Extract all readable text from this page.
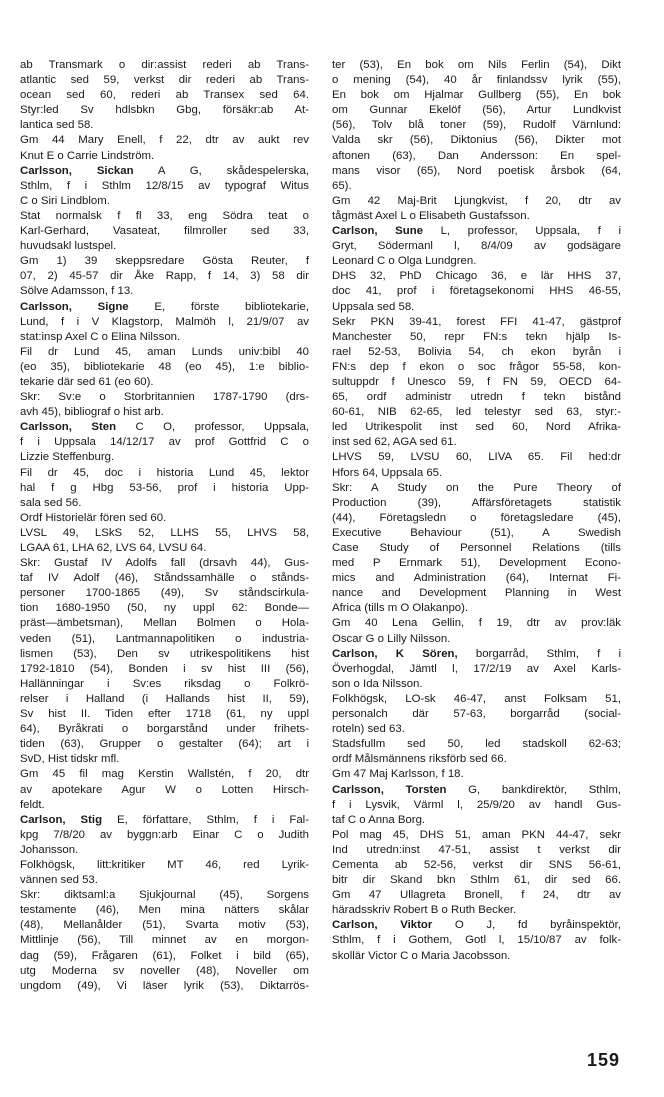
ab Transmark o dir:assist rederi ab Trans-
atlantic sed 59, verkst dir rederi ab Trans-
ocean sed 60, rederi ab Transex sed 64.
Styr:led Sv hdlsbkn Gbg, försäkr:ab At-
lantica sed 58.
Gm 44 Mary Enell, f 22, dtr av aukt rev
Knut E o Carrie Lindström.
Carlsson, Sickan A G, skådespelerska,
Sthlm, f i Sthlm 12/8/15 av typograf Witus
C o Siri Lindblom.
Stat normalsk f fl 33, eng Södra teat o
Karl-Gerhard, Vasateat, filmroller sed 33,
huvudsakl lustspel.
Gm 1) 39 skeppsredare Gösta Reuter, f
07, 2) 45-57 dir Åke Rapp, f 14, 3) 58 dir
Sölve Adamsson, f 13.
Carlsson, Signe E, förste bibliotekarie,
Lund, f i V Klagstorp, Malmöh l, 21/9/07 av
stat:insp Axel C o Elina Nilsson.
Fil dr Lund 45, aman Lunds univ:bibl 40
(eo 35), bibliotekarie 48 (eo 45), 1:e biblio-
tekarie där sed 61 (eo 60).
Skr: Sv:e o Storbritannien 1787-1790 (drs-
avh 45), bibliograf o hist arb.
Carlsson, Sten C O, professor, Uppsala,
f i Uppsala 14/12/17 av prof Gottfrid C o
Lizzie Steffenburg.
Fil dr 45, doc i historia Lund 45, lektor
hal f g Hbg 53-56, prof i historia Upp-
sala sed 56.
Ordf Historielär fören sed 60.
LVSL 49, LSkS 52, LLHS 55, LHVS 58,
LGAA 61, LHA 62, LVS 64, LVSU 64.
Skr: Gustaf IV Adolfs fall (drsavh 44), Gus-
taf IV Adolf (46), Ståndssamhälle o stånds-
personer 1700-1865 (49), Sv ståndscirkula-
tion 1680-1950 (50, ny uppl 62: Bonde—
präst—ämbetsman), Mellan Bolmen o Hola-
veden (51), Lantmannapolitiken o industria-
lismen (53), Den sv utrikespolitikens hist
1792-1810 (54), Bonden i sv hist III (56),
Hallänningar i Sv:es riksdag o Folkrö-
relser i Halland (i Hallands hist II, 59),
Sv hist II. Tiden efter 1718 (61, ny uppl
64), Byråkrati o borgarstånd under frihets-
tiden (63), Grupper o gestalter (64); art i
SvD, Hist tidskr mfl.
Gm 45 fil mag Kerstin Wallstén, f 20, dtr
av apotekare Agur W o Lotten Hirsch-
feldt.
Carlson, Stig E, författare, Sthlm, f i Fal-
kpg 7/8/20 av byggn:arb Einar C o Judith
Johansson.
Folkhögsk, litt:kritiker MT 46, red Lyrik-
vännen sed 53.
Skr: diktsaml:a Sjukjournal (45), Sorgens
testamente (46), Men mina nätters skålar
(48), Mellanålder (51), Svarta motiv (53),
Mittlinje (56), Till minnet av en morgon-
dag (59), Frågaren (61), Folket i bild (65),
utg Moderna sv noveller (48), Noveller om
ungdom (49), Vi läser lyrik (53), Diktarrös-
ter (53), En bok om Nils Ferlin (54), Dikt
o mening (54), 40 år finlandssv lyrik (55),
En bok om Hjalmar Gullberg (55), En bok
om Gunnar Ekelöf (56), Artur Lundkvist
(56), Tolv blå toner (59), Rudolf Värnlund:
Valda skr (56), Diktonius (56), Dikter mot
aftonen (63), Dan Andersson: En spel-
mans visor (65), Nord poetisk årsbok (64,
65).
Gm 42 Maj-Brit Ljungkvist, f 20, dtr av
tågmäst Axel L o Elisabeth Gustafsson.
Carlson, Sune L, professor, Uppsala, f i
Gryt, Södermanl l, 8/4/09 av godsägare
Leonard C o Olga Lundgren.
DHS 32, PhD Chicago 36, e lär HHS 37,
doc 41, prof i företagsekonomi HHS 46-55,
Uppsala sed 58.
Sekr PKN 39-41, forest FFI 41-47, gästprof
Manchester 50, repr FN:s tekn hjälp Is-
rael 52-53, Bolivia 54, ch ekon byrån i
FN:s dep f ekon o soc frågor 55-58, kon-
sultuppdr f Unesco 59, f FN 59, OECD 64-
65, ordf administr utredn f tekn bistånd
60-61, NIB 62-65, led telestyr sed 63, styr:-
led Utrikespolit inst sed 60, Nord Afrika-
inst sed 62, AGA sed 61.
LHVS 59, LVSU 60, LIVA 65. Fil hed:dr
Hfors 64, Uppsala 65.
Skr: A Study on the Pure Theory of
Production (39), Affärsföretagets statistik
(44), Företagsledn o företagsledare (45),
Executive Behaviour (51), A Swedish
Case Study of Personnel Relations (tills
med P Ernmark 51), Development Econo-
mics and Administration (64), Internat Fi-
nance and Development Planning in West
Africa (tills m O Olakanpo).
Gm 40 Lena Gellin, f 19, dtr av prov:läk
Oscar G o Lilly Nilsson.
Carlson, K Sören, borgarråd, Sthlm, f i
Överhogdal, Jämtl l, 17/2/19 av Axel Karls-
son o Ida Nilsson.
Folkhögsk, LO-sk 46-47, anst Folksam 51,
personalch där 57-63, borgarråd (social-
roteln) sed 63.
Stadsfullm sed 50, led stadskoll 62-63;
ordf Målsmännens riksförb sed 66.
Gm 47 Maj Karlsson, f 18.
Carlsson, Torsten G, bankdirektör, Sthlm,
f i Lysvik, Värml l, 25/9/20 av handl Gus-
taf C o Anna Borg.
Pol mag 45, DHS 51, aman PKN 44-47, sekr
Ind utredn:inst 47-51, assist t verkst dir
Cementa ab 52-56, verkst dir SNS 56-61,
bitr dir Skand bkn Sthlm 61, dir sed 66.
Gm 47 Ullagreta Bronell, f 24, dtr av
häradsskriv Robert B o Ruth Becker.
Carlson, Viktor O J, fd byråinspektör,
Sthlm, f i Gothem, Gotl l, 15/10/87 av folk-
skollär Victor C o Maria Jacobsson.
159
